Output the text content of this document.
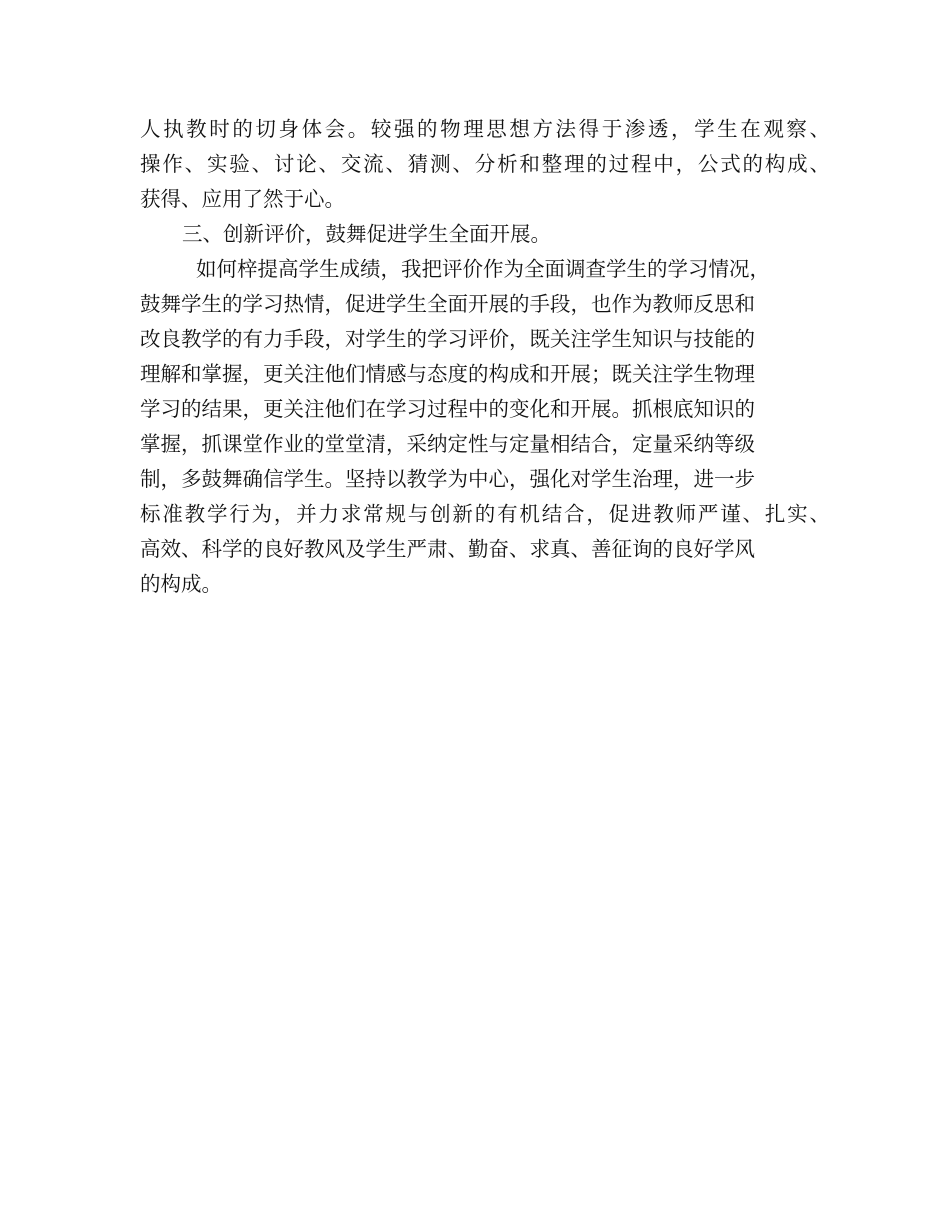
人执教时的切身体会。较强的物理思想方法得于渗透，学生在观察、
操作、实验、讨论、交流、猜测、分析和整理的过程中，公式的构成、
获得、应用了然于心。
三、创新评价，鼓舞促进学生全面开展。
如何梓提高学生成绩，我把评价作为全面调查学生的学习情况，
鼓舞学生的学习热情，促进学生全面开展的手段，也作为教师反思和
改良教学的有力手段，对学生的学习评价，既关注学生知识与技能的
理解和掌握，更关注他们情感与态度的构成和开展；既关注学生物理
学习的结果，更关注他们在学习过程中的变化和开展。抓根底知识的
掌握，抓课堂作业的堂堂清，采纳定性与定量相结合，定量采纳等级
制，多鼓舞确信学生。坚持以教学为中心，强化对学生治理，进一步
标准教学行为，并力求常规与创新的有机结合，促进教师严谨、扎实、
高效、科学的良好教风及学生严肃、勤奋、求真、善征询的良好学风
的构成。
